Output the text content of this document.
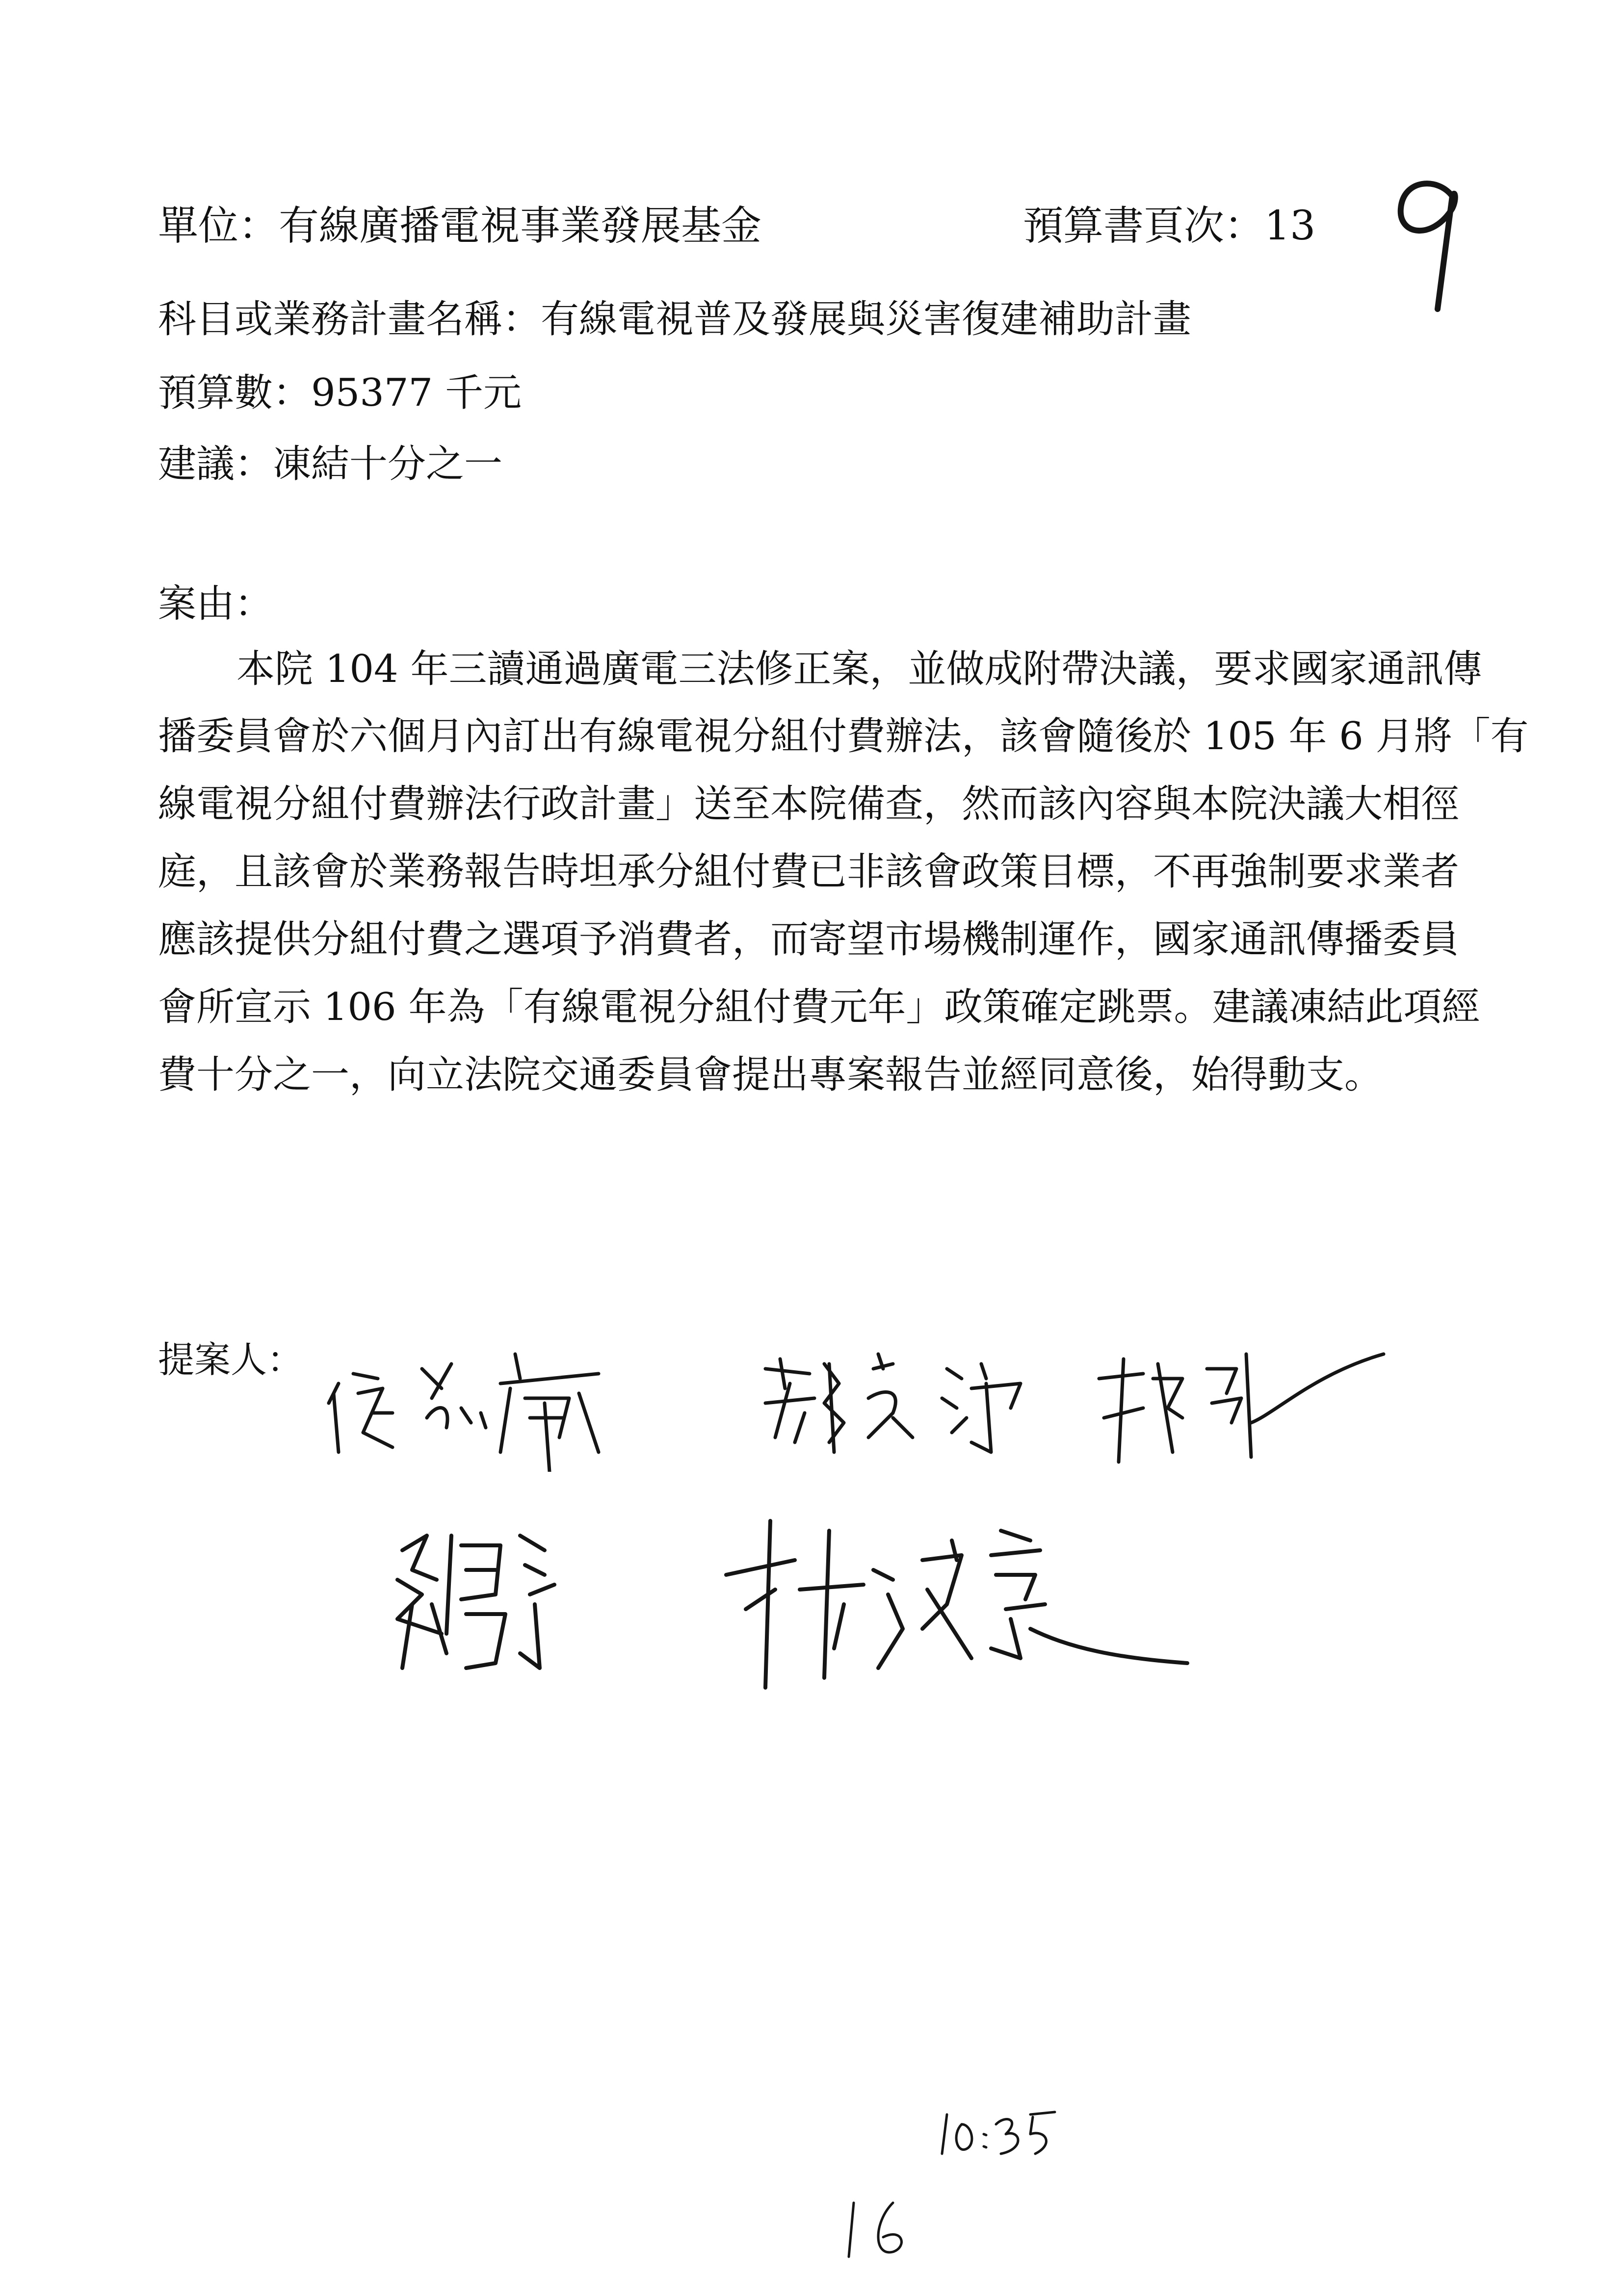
單位：有線廣播電視事業發展基金	預算書頁次：13
科目或業務計畫名稱：有線電視普及發展與災害復建補助計畫
預算數：95377 千元
建議：凍結十分之一
案由：
本院 104 年三讀通過廣電三法修正案，並做成附帶決議，要求國家通訊傳
播委員會於六個月內訂出有線電視分組付費辦法，該會隨後於 105 年 6 月將「有
線電視分組付費辦法行政計畫」送至本院備查，然而該內容與本院決議大相徑
庭，且該會於業務報告時坦承分組付費已非該會政策目標，不再強制要求業者
應該提供分組付費之選項予消費者，而寄望市場機制運作，國家通訊傳播委員
會所宣示 106 年為「有線電視分組付費元年」政策確定跳票。建議凍結此項經
費十分之一，向立法院交通委員會提出專案報告並經同意後，始得動支。
提案人：
